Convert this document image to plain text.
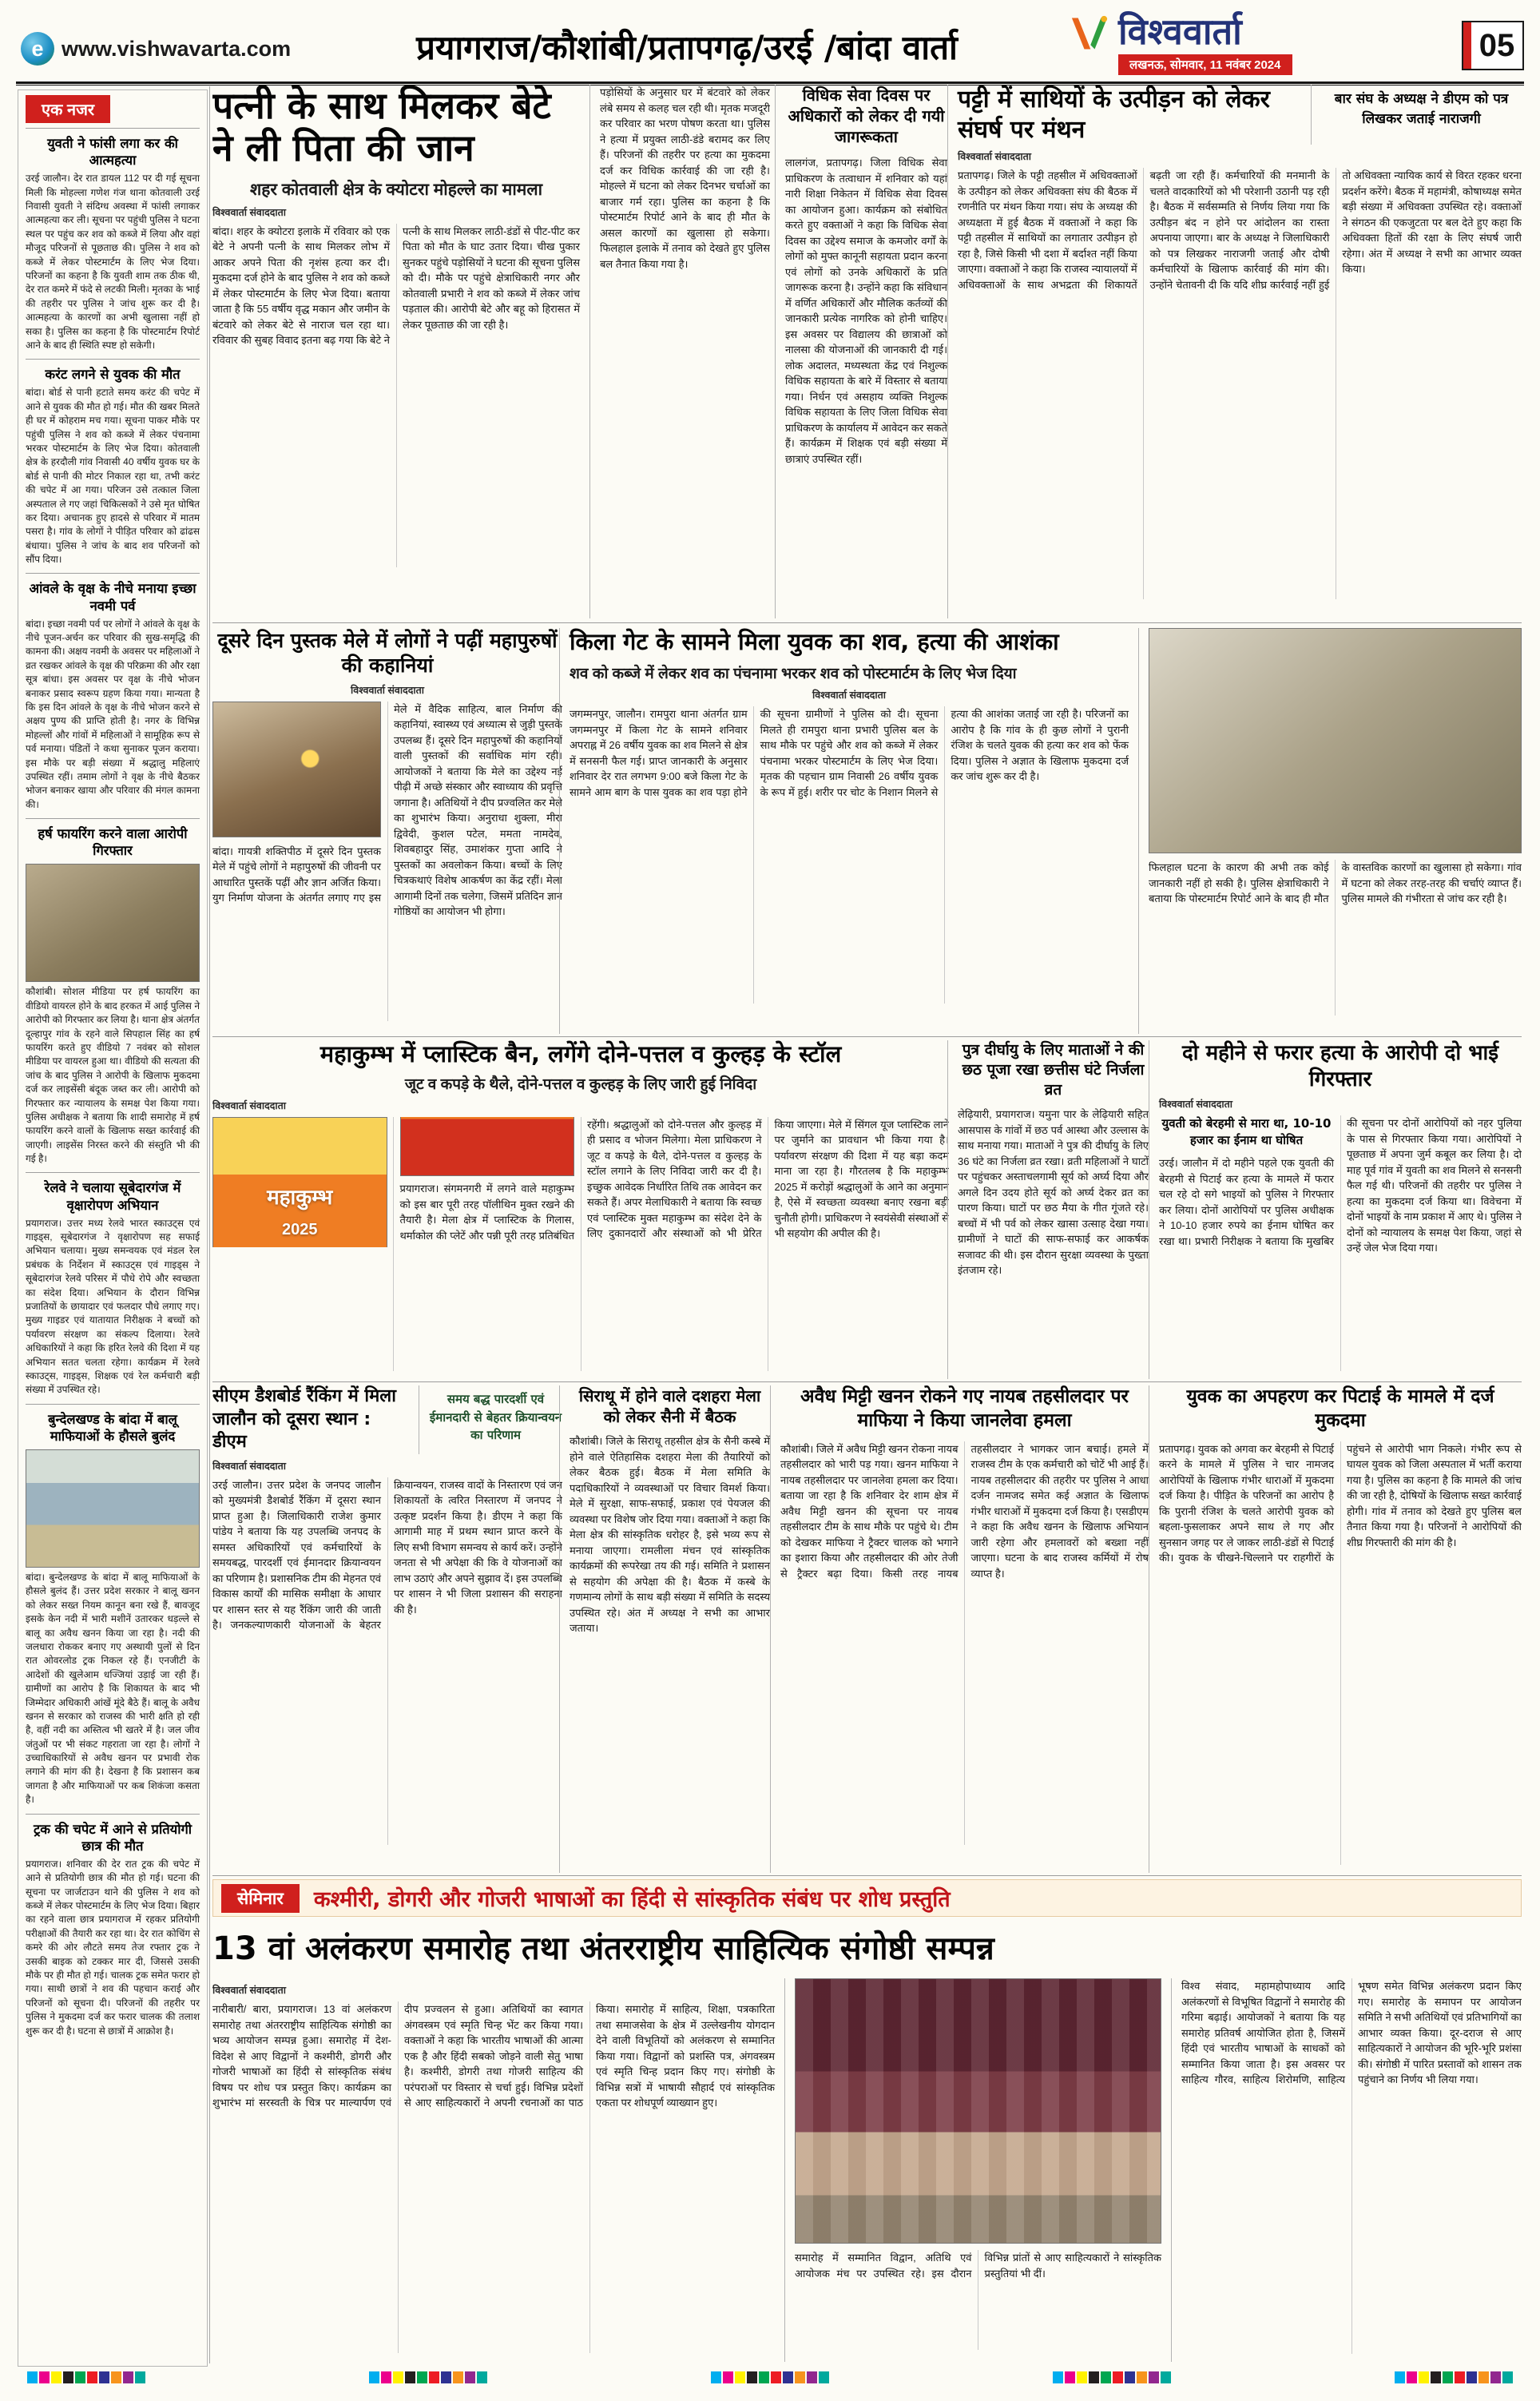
e www.vishwavarta.com	प्रयागराज/कौशांबी/प्रतापगढ़/उरई /बांदा वार्ता	विश्ववार्ता
लखनऊ, सोमवार, 11 नवंबर 2024
05
एक नजर
युवती ने फांसी लगा कर की आत्महत्या

उरई जालौन। देर रात डायल 112 पर दी गई सूचना मिली कि मोहल्ला गणेश गंज थाना कोतवाली उरई निवासी युवती ने संदिग्ध अवस्था में फांसी लगाकर आत्महत्या कर ली। सूचना पर पहुंची पुलिस ने घटना स्थल पर पहुंच कर शव को कब्जे में लिया और वहां मौजूद परिजनों से पूछताछ की। पुलिस ने शव को कब्जे में लेकर पोस्टमार्टम के लिए भेज दिया। परिजनों का कहना है कि युवती शाम तक ठीक थी, देर रात कमरे में फंदे से लटकी मिली। मृतका के भाई की तहरीर पर पुलिस ने जांच शुरू कर दी है। आत्महत्या के कारणों का अभी खुलासा नहीं हो सका है। पुलिस का कहना है कि पोस्टमार्टम रिपोर्ट आने के बाद ही स्थिति स्पष्ट हो सकेगी।

करंट लगने से युवक की मौत

बांदा। बोर्ड से पानी हटाते समय करंट की चपेट में आने से युवक की मौत हो गई। मौत की खबर मिलते ही घर में कोहराम मच गया। सूचना पाकर मौके पर पहुंची पुलिस ने शव को कब्जे में लेकर पंचनामा भरकर पोस्टमार्टम के लिए भेज दिया। कोतवाली क्षेत्र के हरदौली गांव निवासी 40 वर्षीय युवक घर के बोर्ड से पानी की मोटर निकाल रहा था, तभी करंट की चपेट में आ गया। परिजन उसे तत्काल जिला अस्पताल ले गए जहां चिकित्सकों ने उसे मृत घोषित कर दिया। अचानक हुए हादसे से परिवार में मातम पसरा है। गांव के लोगों ने पीड़ित परिवार को ढांढस बंधाया। पुलिस ने जांच के बाद शव परिजनों को सौंप दिया।

आंवले के वृक्ष के नीचे मनाया इच्छा नवमी पर्व

बांदा। इच्छा नवमी पर्व पर लोगों ने आंवले के वृक्ष के नीचे पूजन-अर्चन कर परिवार की सुख-समृद्धि की कामना की। अक्षय नवमी के अवसर पर महिलाओं ने व्रत रखकर आंवले के वृक्ष की परिक्रमा की और रक्षा सूत्र बांधा। इस अवसर पर वृक्ष के नीचे भोजन बनाकर प्रसाद स्वरूप ग्रहण किया गया। मान्यता है कि इस दिन आंवले के वृक्ष के नीचे भोजन करने से अक्षय पुण्य की प्राप्ति होती है। नगर के विभिन्न मोहल्लों और गांवों में महिलाओं ने सामूहिक रूप से पर्व मनाया। पंडितों ने कथा सुनाकर पूजन कराया। इस मौके पर बड़ी संख्या में श्रद्धालु महिलाएं उपस्थित रहीं। तमाम लोगों ने वृक्ष के नीचे बैठकर भोजन बनाकर खाया और परिवार की मंगल कामना की।

हर्ष फायरिंग करने वाला आरोपी गिरफ्तार

कौशांबी। सोशल मीडिया पर हर्ष फायरिंग का वीडियो वायरल होने के बाद हरकत में आई पुलिस ने आरोपी को गिरफ्तार कर लिया है। थाना क्षेत्र अंतर्गत दूल्हापुर गांव के रहने वाले सिपहाल सिंह का हर्ष फायरिंग करते हुए वीडियो 7 नवंबर को सोशल मीडिया पर वायरल हुआ था। वीडियो की सत्यता की जांच के बाद पुलिस ने आरोपी के खिलाफ मुकदमा दर्ज कर लाइसेंसी बंदूक जब्त कर ली। आरोपी को गिरफ्तार कर न्यायालय के समक्ष पेश किया गया। पुलिस अधीक्षक ने बताया कि शादी समारोह में हर्ष फायरिंग करने वालों के खिलाफ सख्त कार्रवाई की जाएगी। लाइसेंस निरस्त करने की संस्तुति भी की गई है।

रेलवे ने चलाया सूबेदारगंज में वृक्षारोपण अभियान

प्रयागराज। उत्तर मध्य रेलवे भारत स्काउट्स एवं गाइड्स, सूबेदारगंज ने वृक्षारोपण सह सफाई अभियान चलाया। मुख्य समन्वयक एवं मंडल रेल प्रबंधक के निर्देशन में स्काउट्स एवं गाइड्स ने सूबेदारगंज रेलवे परिसर में पौधे रोपे और स्वच्छता का संदेश दिया। अभियान के दौरान विभिन्न प्रजातियों के छायादार एवं फलदार पौधे लगाए गए। मुख्य गाइडर एवं यातायात निरीक्षक ने बच्चों को पर्यावरण संरक्षण का संकल्प दिलाया। रेलवे अधिकारियों ने कहा कि हरित रेलवे की दिशा में यह अभियान सतत चलता रहेगा। कार्यक्रम में रेलवे स्काउट्स, गाइड्स, शिक्षक एवं रेल कर्मचारी बड़ी संख्या में उपस्थित रहे।

बुन्देलखण्ड के बांदा में बालू माफियाओं के हौसले बुलंद

बांदा। बुन्देलखण्ड के बांदा में बालू माफियाओं के हौसले बुलंद हैं। उत्तर प्रदेश सरकार ने बालू खनन को लेकर सख्त नियम कानून बना रखे हैं, बावजूद इसके केन नदी में भारी मशीनें उतारकर धड़ल्ले से बालू का अवैध खनन किया जा रहा है। नदी की जलधारा रोककर बनाए गए अस्थायी पुलों से दिन रात ओवरलोड ट्रक निकल रहे हैं। एनजीटी के आदेशों की खुलेआम धज्जियां उड़ाई जा रही हैं। ग्रामीणों का आरोप है कि शिकायत के बाद भी जिम्मेदार अधिकारी आंखें मूंदे बैठे हैं। बालू के अवैध खनन से सरकार को राजस्व की भारी क्षति हो रही है, वहीं नदी का अस्तित्व भी खतरे में है। जल जीव जंतुओं पर भी संकट गहराता जा रहा है। लोगों ने उच्चाधिकारियों से अवैध खनन पर प्रभावी रोक लगाने की मांग की है। देखना है कि प्रशासन कब जागता है और माफियाओं पर कब शिकंजा कसता है।

ट्रक की चपेट में आने से प्रतियोगी छात्र की मौत

प्रयागराज। शनिवार की देर रात ट्रक की चपेट में आने से प्रतियोगी छात्र की मौत हो गई। घटना की सूचना पर जार्जटाउन थाने की पुलिस ने शव को कब्जे में लेकर पोस्टमार्टम के लिए भेज दिया। बिहार का रहने वाला छात्र प्रयागराज में रहकर प्रतियोगी परीक्षाओं की तैयारी कर रहा था। देर रात कोचिंग से कमरे की ओर लौटते समय तेज रफ्तार ट्रक ने उसकी बाइक को टक्कर मार दी, जिससे उसकी मौके पर ही मौत हो गई। चालक ट्रक समेत फरार हो गया। साथी छात्रों ने शव की पहचान कराई और परिजनों को सूचना दी। परिजनों की तहरीर पर पुलिस ने मुकदमा दर्ज कर फरार चालक की तलाश शुरू कर दी है। घटना से छात्रों में आक्रोश है।

पत्नी के साथ मिलकर बेटे ने ली पिता की जान
शहर कोतवाली क्षेत्र के क्योटरा मोहल्ले का मामला
विश्ववार्ता संवाददाता
बांदा। शहर के क्योटरा इलाके में रविवार को एक बेटे ने अपनी पत्नी के साथ मिलकर लोभ में आकर अपने पिता की नृशंस हत्या कर दी। मुकदमा दर्ज होने के बाद पुलिस ने शव को कब्जे में लेकर पोस्टमार्टम के लिए भेज दिया। बताया जाता है कि 55 वर्षीय वृद्ध मकान और जमीन के बंटवारे को लेकर बेटे से नाराज चल रहा था। रविवार की सुबह विवाद इतना बढ़ गया कि बेटे ने पत्नी के साथ मिलकर लाठी-डंडों से पीट-पीट कर पिता को मौत के घाट उतार दिया। चीख पुकार सुनकर पहुंचे पड़ोसियों ने घटना की सूचना पुलिस को दी। मौके पर पहुंचे क्षेत्राधिकारी नगर और कोतवाली प्रभारी ने शव को कब्जे में लेकर जांच पड़ताल की। आरोपी बेटे और बहू को हिरासत में लेकर पूछताछ की जा रही है।
पड़ोसियों के अनुसार घर में बंटवारे को लेकर लंबे समय से कलह चल रही थी। मृतक मजदूरी कर परिवार का भरण पोषण करता था। पुलिस ने हत्या में प्रयुक्त लाठी-डंडे बरामद कर लिए हैं। परिजनों की तहरीर पर हत्या का मुकदमा दर्ज कर विधिक कार्रवाई की जा रही है। मोहल्ले में घटना को लेकर दिनभर चर्चाओं का बाजार गर्म रहा। पुलिस का कहना है कि पोस्टमार्टम रिपोर्ट आने के बाद ही मौत के असल कारणों का खुलासा हो सकेगा। फिलहाल इलाके में तनाव को देखते हुए पुलिस बल तैनात किया गया है।
विधिक सेवा दिवस पर अधिकारों को लेकर दी गयी जागरूकता
लालगंज, प्रतापगढ़। जिला विधिक सेवा प्राधिकरण के तत्वाधान में शनिवार को यहां नारी शिक्षा निकेतन में विधिक सेवा दिवस का आयोजन हुआ। कार्यक्रम को संबोधित करते हुए वक्ताओं ने कहा कि विधिक सेवा दिवस का उद्देश्य समाज के कमजोर वर्गों के लोगों को मुफ्त कानूनी सहायता प्रदान करना एवं लोगों को उनके अधिकारों के प्रति जागरूक करना है। उन्होंने कहा कि संविधान में वर्णित अधिकारों और मौलिक कर्तव्यों की जानकारी प्रत्येक नागरिक को होनी चाहिए। इस अवसर पर विद्यालय की छात्राओं को नालसा की योजनाओं की जानकारी दी गई। लोक अदालत, मध्यस्थता केंद्र एवं निशुल्क विधिक सहायता के बारे में विस्तार से बताया गया। निर्धन एवं असहाय व्यक्ति निशुल्क विधिक सहायता के लिए जिला विधिक सेवा प्राधिकरण के कार्यालय में आवेदन कर सकते हैं। कार्यक्रम में शिक्षक एवं बड़ी संख्या में छात्राएं उपस्थित रहीं।
पट्टी में साथियों के उत्पीड़न को लेकर संघर्ष पर मंथन
बार संघ के अध्यक्ष ने डीएम को पत्र लिखकर जताई नाराजगी
विश्ववार्ता संवाददाता
प्रतापगढ़। जिले के पट्टी तहसील में अधिवक्ताओं के उत्पीड़न को लेकर अधिवक्ता संघ की बैठक में रणनीति पर मंथन किया गया। संघ के अध्यक्ष की अध्यक्षता में हुई बैठक में वक्ताओं ने कहा कि पट्टी तहसील में साथियों का लगातार उत्पीड़न हो रहा है, जिसे किसी भी दशा में बर्दाश्त नहीं किया जाएगा। वक्ताओं ने कहा कि राजस्व न्यायालयों में अधिवक्ताओं के साथ अभद्रता की शिकायतें बढ़ती जा रही हैं। कर्मचारियों की मनमानी के चलते वादकारियों को भी परेशानी उठानी पड़ रही है। बैठक में सर्वसम्मति से निर्णय लिया गया कि उत्पीड़न बंद न होने पर आंदोलन का रास्ता अपनाया जाएगा। बार के अध्यक्ष ने जिलाधिकारी को पत्र लिखकर नाराजगी जताई और दोषी कर्मचारियों के खिलाफ कार्रवाई की मांग की। उन्होंने चेतावनी दी कि यदि शीघ्र कार्रवाई नहीं हुई तो अधिवक्ता न्यायिक कार्य से विरत रहकर धरना प्रदर्शन करेंगे। बैठक में महामंत्री, कोषाध्यक्ष समेत बड़ी संख्या में अधिवक्ता उपस्थित रहे। वक्ताओं ने संगठन की एकजुटता पर बल देते हुए कहा कि अधिवक्ता हितों की रक्षा के लिए संघर्ष जारी रहेगा। अंत में अध्यक्ष ने सभी का आभार व्यक्त किया।
दूसरे दिन पुस्तक मेले में लोगों ने पढ़ीं महापुरुषों की कहानियां
विश्ववार्ता संवाददाता
बांदा। गायत्री शक्तिपीठ में दूसरे दिन पुस्तक मेले में पहुंचे लोगों ने महापुरुषों की जीवनी पर आधारित पुस्तकें पढ़ीं और ज्ञान अर्जित किया। युग निर्माण योजना के अंतर्गत लगाए गए इस मेले में वैदिक साहित्य, बाल निर्माण की कहानियां, स्वास्थ्य एवं अध्यात्म से जुड़ी पुस्तकें उपलब्ध हैं। दूसरे दिन महापुरुषों की कहानियों वाली पुस्तकों की सर्वाधिक मांग रही। आयोजकों ने बताया कि मेले का उद्देश्य नई पीढ़ी में अच्छे संस्कार और स्वाध्याय की प्रवृत्ति जगाना है। अतिथियों ने दीप प्रज्वलित कर मेले का शुभारंभ किया। अनुराधा शुक्ला, मीरा द्विवेदी, कुशल पटेल, ममता नामदेव, शिवबहादुर सिंह, उमाशंकर गुप्ता आदि ने पुस्तकों का अवलोकन किया। बच्चों के लिए चित्रकथाएं विशेष आकर्षण का केंद्र रहीं। मेला आगामी दिनों तक चलेगा, जिसमें प्रतिदिन ज्ञान गोष्ठियों का आयोजन भी होगा।
किला गेट के सामने मिला युवक का शव, हत्या की आशंका
शव को कब्जे में लेकर शव का पंचनामा भरकर शव को पोस्टमार्टम के लिए भेज दिया
विश्ववार्ता संवाददाता
जगम्मनपुर, जालौन। रामपुरा थाना अंतर्गत ग्राम जगम्मनपुर में किला गेट के सामने शनिवार अपराह्न में 26 वर्षीय युवक का शव मिलने से क्षेत्र में सनसनी फैल गई। प्राप्त जानकारी के अनुसार शनिवार देर रात लगभग 9:00 बजे किला गेट के सामने आम बाग के पास युवक का शव पड़ा होने की सूचना ग्रामीणों ने पुलिस को दी। सूचना मिलते ही रामपुरा थाना प्रभारी पुलिस बल के साथ मौके पर पहुंचे और शव को कब्जे में लेकर पंचनामा भरकर पोस्टमार्टम के लिए भेज दिया। मृतक की पहचान ग्राम निवासी 26 वर्षीय युवक के रूप में हुई। शरीर पर चोट के निशान मिलने से हत्या की आशंका जताई जा रही है। परिजनों का आरोप है कि गांव के ही कुछ लोगों ने पुरानी रंजिश के चलते युवक की हत्या कर शव को फेंक दिया। पुलिस ने अज्ञात के खिलाफ मुकदमा दर्ज कर जांच शुरू कर दी है।
फिलहाल घटना के कारण की अभी तक कोई जानकारी नहीं हो सकी है। पुलिस क्षेत्राधिकारी ने बताया कि पोस्टमार्टम रिपोर्ट आने के बाद ही मौत के वास्तविक कारणों का खुलासा हो सकेगा। गांव में घटना को लेकर तरह-तरह की चर्चाएं व्याप्त हैं। पुलिस मामले की गंभीरता से जांच कर रही है।
महाकुम्भ में प्लास्टिक बैन, लगेंगे दोने-पत्तल व कुल्हड़ के स्टॉल
जूट व कपड़े के थैले, दोने-पत्तल व कुल्हड़ के लिए जारी हुई निविदा
विश्ववार्ता संवाददाता
महाकुम्भ
2025
प्रयागराज। संगमनगरी में लगने वाले महाकुम्भ को इस बार पूरी तरह पॉलीथिन मुक्त रखने की तैयारी है। मेला क्षेत्र में प्लास्टिक के गिलास, थर्माकोल की प्लेटें और पन्नी पूरी तरह प्रतिबंधित रहेंगी। श्रद्धालुओं को दोने-पत्तल और कुल्हड़ में ही प्रसाद व भोजन मिलेगा। मेला प्राधिकरण ने जूट व कपड़े के थैले, दोने-पत्तल व कुल्हड़ के स्टॉल लगाने के लिए निविदा जारी कर दी है। इच्छुक आवेदक निर्धारित तिथि तक आवेदन कर सकते हैं। अपर मेलाधिकारी ने बताया कि स्वच्छ एवं प्लास्टिक मुक्त महाकुम्भ का संदेश देने के लिए दुकानदारों और संस्थाओं को भी प्रेरित किया जाएगा। मेले में सिंगल यूज प्लास्टिक लाने पर जुर्माने का प्रावधान भी किया गया है। पर्यावरण संरक्षण की दिशा में यह बड़ा कदम माना जा रहा है। गौरतलब है कि महाकुम्भ 2025 में करोड़ों श्रद्धालुओं के आने का अनुमान है, ऐसे में स्वच्छता व्यवस्था बनाए रखना बड़ी चुनौती होगी। प्राधिकरण ने स्वयंसेवी संस्थाओं से भी सहयोग की अपील की है।
पुत्र दीर्घायु के लिए माताओं ने की छठ पूजा रखा छत्तीस घंटे निर्जला व्रत
लेढ़ियारी, प्रयागराज। यमुना पार के लेढ़ियारी सहित आसपास के गांवों में छठ पर्व आस्था और उल्लास के साथ मनाया गया। माताओं ने पुत्र की दीर्घायु के लिए 36 घंटे का निर्जला व्रत रखा। व्रती महिलाओं ने घाटों पर पहुंचकर अस्ताचलगामी सूर्य को अर्घ्य दिया और अगले दिन उदय होते सूर्य को अर्घ्य देकर व्रत का पारण किया। घाटों पर छठ मैया के गीत गूंजते रहे। बच्चों में भी पर्व को लेकर खासा उत्साह देखा गया। ग्रामीणों ने घाटों की साफ-सफाई कर आकर्षक सजावट की थी। इस दौरान सुरक्षा व्यवस्था के पुख्ता इंतजाम रहे।
दो महीने से फरार हत्या के आरोपी दो भाई गिरफ्तार
विश्ववार्ता संवाददाता
युवती को बेरहमी से मारा था, 10-10 हजार का ईनाम था घोषित
उरई। जालौन में दो महीने पहले एक युवती की बेरहमी से पिटाई कर हत्या के मामले में फरार चल रहे दो सगे भाइयों को पुलिस ने गिरफ्तार कर लिया। दोनों आरोपियों पर पुलिस अधीक्षक ने 10-10 हजार रुपये का ईनाम घोषित कर रखा था। प्रभारी निरीक्षक ने बताया कि मुखबिर की सूचना पर दोनों आरोपियों को नहर पुलिया के पास से गिरफ्तार किया गया। आरोपियों ने पूछताछ में अपना जुर्म कबूल कर लिया है। दो माह पूर्व गांव में युवती का शव मिलने से सनसनी फैल गई थी। परिजनों की तहरीर पर पुलिस ने हत्या का मुकदमा दर्ज किया था। विवेचना में दोनों भाइयों के नाम प्रकाश में आए थे। पुलिस ने दोनों को न्यायालय के समक्ष पेश किया, जहां से उन्हें जेल भेज दिया गया।
सीएम डैशबोर्ड रैंकिंग में मिला जालौन को दूसरा स्थान : डीएम
समय बद्ध पारदर्शी एवं ईमानदारी से बेहतर क्रियान्वयन का परिणाम
विश्ववार्ता संवाददाता
उरई जालौन। उत्तर प्रदेश के जनपद जालौन को मुख्यमंत्री डैशबोर्ड रैंकिंग में दूसरा स्थान प्राप्त हुआ है। जिलाधिकारी राजेश कुमार पांडेय ने बताया कि यह उपलब्धि जनपद के समस्त अधिकारियों एवं कर्मचारियों के समयबद्ध, पारदर्शी एवं ईमानदार क्रियान्वयन का परिणाम है। प्रशासनिक टीम की मेहनत एवं विकास कार्यों की मासिक समीक्षा के आधार पर शासन स्तर से यह रैंकिंग जारी की जाती है। जनकल्याणकारी योजनाओं के बेहतर क्रियान्वयन, राजस्व वादों के निस्तारण एवं जन शिकायतों के त्वरित निस्तारण में जनपद ने उत्कृष्ट प्रदर्शन किया है। डीएम ने कहा कि आगामी माह में प्रथम स्थान प्राप्त करने के लिए सभी विभाग समन्वय से कार्य करें। उन्होंने जनता से भी अपेक्षा की कि वे योजनाओं का लाभ उठाएं और अपने सुझाव दें। इस उपलब्धि पर शासन ने भी जिला प्रशासन की सराहना की है।
सिराथू में होने वाले दशहरा मेला को लेकर सैनी में बैठक
कौशांबी। जिले के सिराथू तहसील क्षेत्र के सैनी कस्बे में होने वाले ऐतिहासिक दशहरा मेला की तैयारियों को लेकर बैठक हुई। बैठक में मेला समिति के पदाधिकारियों ने व्यवस्थाओं पर विचार विमर्श किया। मेले में सुरक्षा, साफ-सफाई, प्रकाश एवं पेयजल की व्यवस्था पर विशेष जोर दिया गया। वक्ताओं ने कहा कि मेला क्षेत्र की सांस्कृतिक धरोहर है, इसे भव्य रूप से मनाया जाएगा। रामलीला मंचन एवं सांस्कृतिक कार्यक्रमों की रूपरेखा तय की गई। समिति ने प्रशासन से सहयोग की अपेक्षा की है। बैठक में कस्बे के गणमान्य लोगों के साथ बड़ी संख्या में समिति के सदस्य उपस्थित रहे। अंत में अध्यक्ष ने सभी का आभार जताया।
अवैध मिट्टी खनन रोकने गए नायब तहसीलदार पर माफिया ने किया जानलेवा हमला
कौशांबी। जिले में अवैध मिट्टी खनन रोकना नायब तहसीलदार को भारी पड़ गया। खनन माफिया ने नायब तहसीलदार पर जानलेवा हमला कर दिया। बताया जा रहा है कि शनिवार देर शाम क्षेत्र में अवैध मिट्टी खनन की सूचना पर नायब तहसीलदार टीम के साथ मौके पर पहुंचे थे। टीम को देखकर माफिया ने ट्रैक्टर चालक को भगाने का इशारा किया और तहसीलदार की ओर तेजी से ट्रैक्टर बढ़ा दिया। किसी तरह नायब तहसीलदार ने भागकर जान बचाई। हमले में राजस्व टीम के एक कर्मचारी को चोटें भी आई हैं। नायब तहसीलदार की तहरीर पर पुलिस ने आधा दर्जन नामजद समेत कई अज्ञात के खिलाफ गंभीर धाराओं में मुकदमा दर्ज किया है। एसडीएम ने कहा कि अवैध खनन के खिलाफ अभियान जारी रहेगा और हमलावरों को बख्शा नहीं जाएगा। घटना के बाद राजस्व कर्मियों में रोष व्याप्त है।
युवक का अपहरण कर पिटाई के मामले में दर्ज मुकदमा
प्रतापगढ़। युवक को अगवा कर बेरहमी से पिटाई करने के मामले में पुलिस ने चार नामजद आरोपियों के खिलाफ गंभीर धाराओं में मुकदमा दर्ज किया है। पीड़ित के परिजनों का आरोप है कि पुरानी रंजिश के चलते आरोपी युवक को बहला-फुसलाकर अपने साथ ले गए और सुनसान जगह पर ले जाकर लाठी-डंडों से पिटाई की। युवक के चीखने-चिल्लाने पर राहगीरों के पहुंचने से आरोपी भाग निकले। गंभीर रूप से घायल युवक को जिला अस्पताल में भर्ती कराया गया है। पुलिस का कहना है कि मामले की जांच की जा रही है, दोषियों के खिलाफ सख्त कार्रवाई होगी। गांव में तनाव को देखते हुए पुलिस बल तैनात किया गया है। परिजनों ने आरोपियों की शीघ्र गिरफ्तारी की मांग की है।
सेमिनार	कश्मीरी, डोगरी और गोजरी भाषाओं का हिंदी से सांस्कृतिक संबंध पर शोध प्रस्तुति
13 वां अलंकरण समारोह तथा अंतरराष्ट्रीय साहित्यिक संगोष्ठी सम्पन्न
विश्ववार्ता संवाददाता
नारीबारी/ बारा, प्रयागराज। 13 वां अलंकरण समारोह तथा अंतरराष्ट्रीय साहित्यिक संगोष्ठी का भव्य आयोजन सम्पन्न हुआ। समारोह में देश-विदेश से आए विद्वानों ने कश्मीरी, डोगरी और गोजरी भाषाओं का हिंदी से सांस्कृतिक संबंध विषय पर शोध पत्र प्रस्तुत किए। कार्यक्रम का शुभारंभ मां सरस्वती के चित्र पर माल्यार्पण एवं दीप प्रज्वलन से हुआ। अतिथियों का स्वागत अंगवस्त्रम एवं स्मृति चिन्ह भेंट कर किया गया। वक्ताओं ने कहा कि भारतीय भाषाओं की आत्मा एक है और हिंदी सबको जोड़ने वाली सेतु भाषा है। कश्मीरी, डोगरी तथा गोजरी साहित्य की परंपराओं पर विस्तार से चर्चा हुई। विभिन्न प्रदेशों से आए साहित्यकारों ने अपनी रचनाओं का पाठ किया। समारोह में साहित्य, शिक्षा, पत्रकारिता तथा समाजसेवा के क्षेत्र में उल्लेखनीय योगदान देने वाली विभूतियों को अलंकरण से सम्मानित किया गया। विद्वानों को प्रशस्ति पत्र, अंगवस्त्रम एवं स्मृति चिन्ह प्रदान किए गए। संगोष्ठी के विभिन्न सत्रों में भाषायी सौहार्द एवं सांस्कृतिक एकता पर शोधपूर्ण व्याख्यान हुए।
समारोह में सम्मानित विद्वान, अतिथि एवं आयोजक मंच पर उपस्थित रहे। इस दौरान विभिन्न प्रांतों से आए साहित्यकारों ने सांस्कृतिक प्रस्तुतियां भी दीं।
विश्व संवाद, महामहोपाध्याय आदि अलंकरणों से विभूषित विद्वानों ने समारोह की गरिमा बढ़ाई। आयोजकों ने बताया कि यह समारोह प्रतिवर्ष आयोजित होता है, जिसमें हिंदी एवं भारतीय भाषाओं के साधकों को सम्मानित किया जाता है। इस अवसर पर साहित्य गौरव, साहित्य शिरोमणि, साहित्य भूषण समेत विभिन्न अलंकरण प्रदान किए गए। समारोह के समापन पर आयोजन समिति ने सभी अतिथियों एवं प्रतिभागियों का आभार व्यक्त किया। दूर-दराज से आए साहित्यकारों ने आयोजन की भूरि-भूरि प्रशंसा की। संगोष्ठी में पारित प्रस्तावों को शासन तक पहुंचाने का निर्णय भी लिया गया।
